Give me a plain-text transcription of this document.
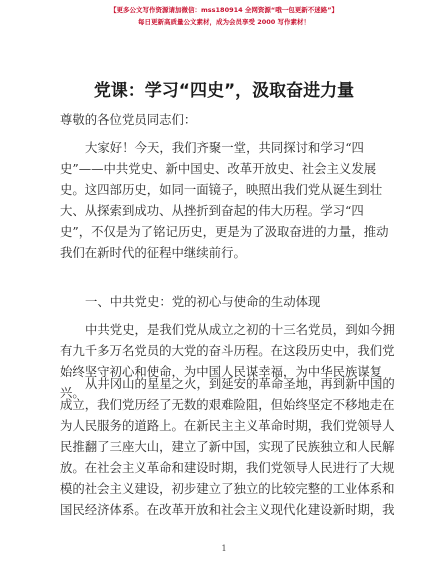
【更多公文写作资源请加微信：mss180914 全网资源“哦一包更新不迷路”】
每日更新高质量公文素材，成为会员享受 2000 写作素材！
党课：学习“四史”，汲取奋进力量
尊敬的各位党员同志们：
大家好！今天，我们齐聚一堂，共同探讨和学习“四
史”——中共党史、新中国史、改革开放史、社会主义发展
史。这四部历史，如同一面镜子，映照出我们党从诞生到壮
大、从探索到成功、从挫折到奋起的伟大历程。学习“四
史”，不仅是为了铭记历史，更是为了汲取奋进的力量，推动
我们在新时代的征程中继续前行。
一、中共党史：党的初心与使命的生动体现
中共党史，是我们党从成立之初的十三名党员，到如今拥
有九千多万名党员的大党的奋斗历程。在这段历史中，我们党
始终坚守初心和使命，为中国人民谋幸福，为中华民族谋复
兴。
从井冈山的星星之火，到延安的革命圣地，再到新中国的
成立，我们党历经了无数的艰难险阻，但始终坚定不移地走在
为人民服务的道路上。在新民主主义革命时期，我们党领导人
民推翻了三座大山，建立了新中国，实现了民族独立和人民解
放。在社会主义革命和建设时期，我们党领导人民进行了大规
模的社会主义建设，初步建立了独立的比较完整的工业体系和
国民经济体系。在改革开放和社会主义现代化建设新时期，我
1
